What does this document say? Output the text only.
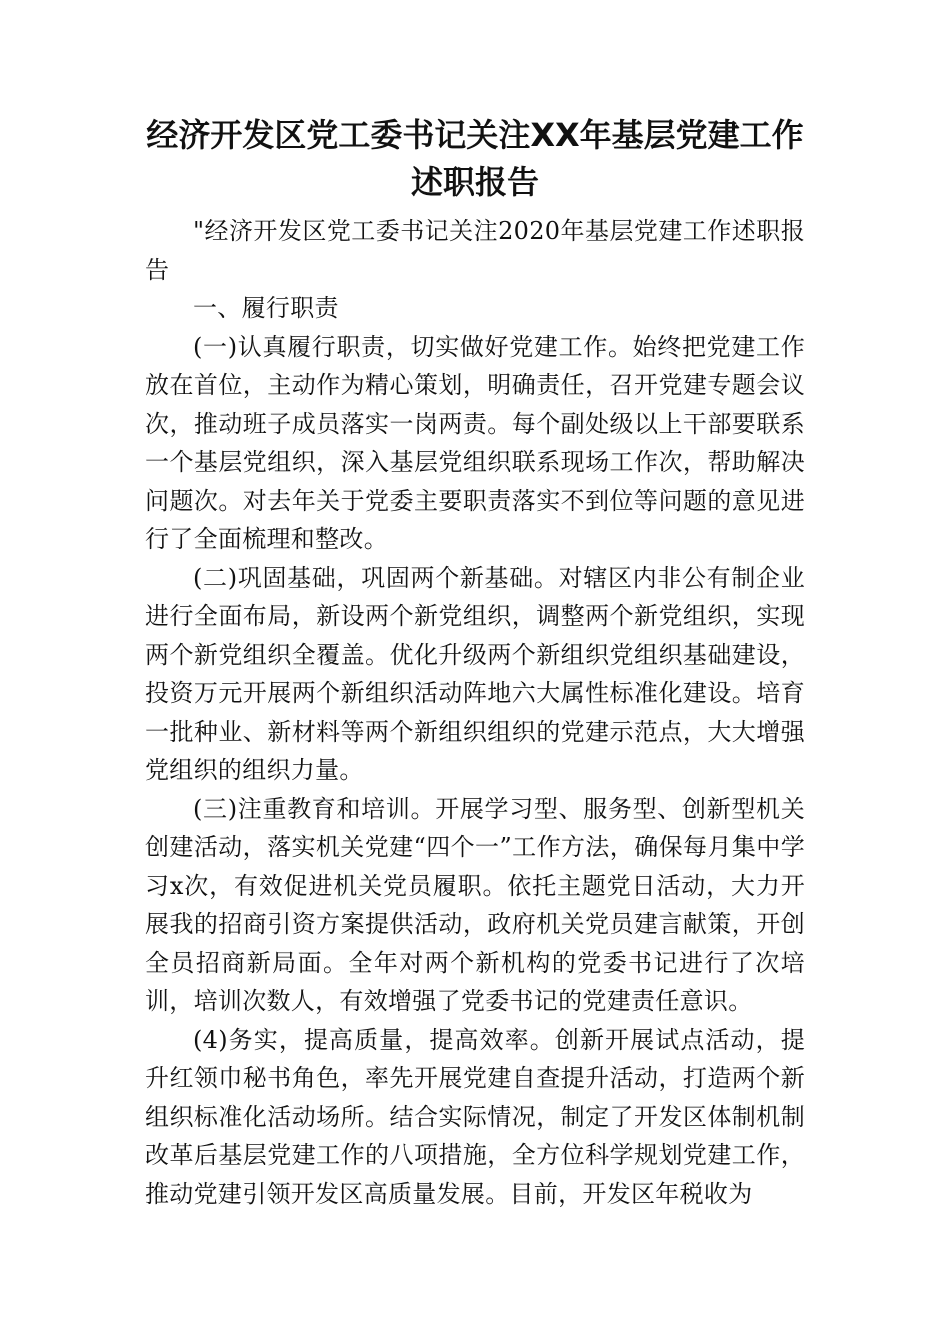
经济开发区党工委书记关注XX年基层党建工作述职报告

"经济开发区党工委书记关注2020年基层党建工作述职报告

一、履行职责

(一)认真履行职责，切实做好党建工作。始终把党建工作放在首位，主动作为精心策划，明确责任，召开党建专题会议次，推动班子成员落实一岗两责。每个副处级以上干部要联系一个基层党组织，深入基层党组织联系现场工作次，帮助解决问题次。对去年关于党委主要职责落实不到位等问题的意见进行了全面梳理和整改。

(二)巩固基础，巩固两个新基础。对辖区内非公有制企业进行全面布局，新设两个新党组织，调整两个新党组织，实现两个新党组织全覆盖。优化升级两个新组织党组织基础建设，投资万元开展两个新组织活动阵地六大属性标准化建设。培育一批种业、新材料等两个新组织组织的党建示范点，大大增强党组织的组织力量。

(三)注重教育和培训。开展学习型、服务型、创新型机关创建活动，落实机关党建“四个一”工作方法，确保每月集中学习x次，有效促进机关党员履职。依托主题党日活动，大力开展我的招商引资方案提供活动，政府机关党员建言献策，开创全员招商新局面。全年对两个新机构的党委书记进行了次培训，培训次数人，有效增强了党委书记的党建责任意识。

(4)务实，提高质量，提高效率。创新开展试点活动，提升红领巾秘书角色，率先开展党建自查提升活动，打造两个新组织标准化活动场所。结合实际情况，制定了开发区体制机制改革后基层党建工作的八项措施，全方位科学规划党建工作，推动党建引领开发区高质量发展。目前，开发区年税收为
